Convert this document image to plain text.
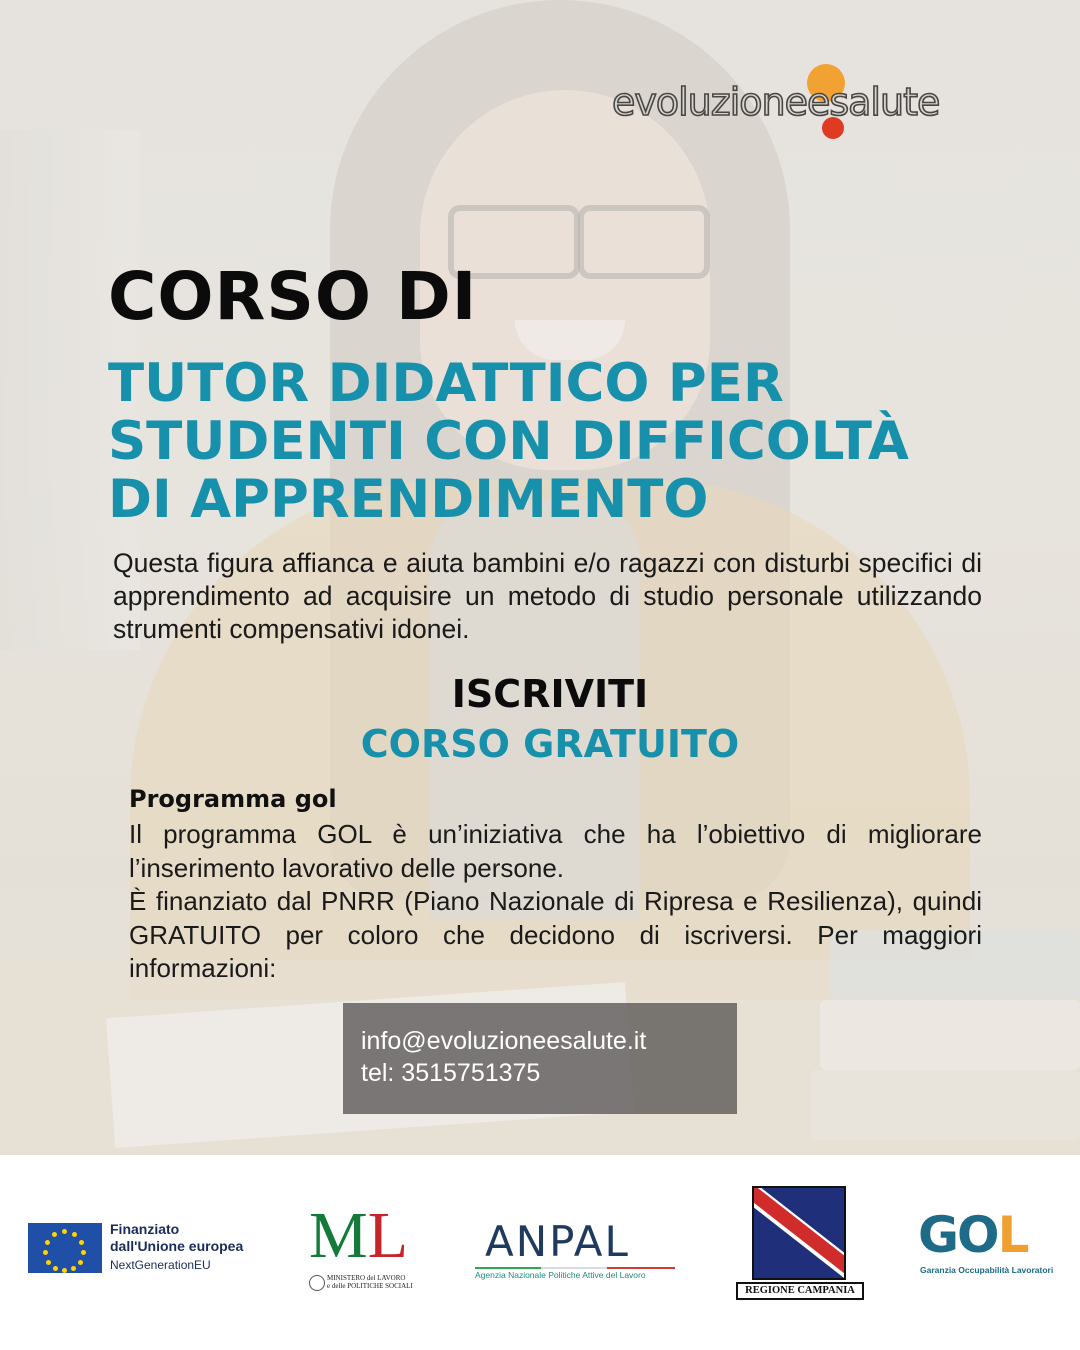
evoluzioneesalute
CORSO DI
TUTOR DIDATTICO PER
STUDENTI CON DIFFICOLTÀ
DI APPRENDIMENTO
Questa figura affianca e aiuta bambini e/o ragazzi con disturbi specifici di apprendimento ad acquisire un metodo di studio personale utilizzando strumenti compensativi idonei.
ISCRIVITI
CORSO GRATUITO
Programma gol

Il programma GOL è un’iniziativa che ha l’obiettivo di migliorare l’inserimento lavorativo delle persone.

È finanziato dal PNRR (Piano Nazionale di Ripresa e Resilienza), quindi GRATUITO per coloro che decidono di iscriversi. Per maggiori informazioni:

info@evoluzioneesalute.it
tel: 3515751375
Finanziato
dall'Unione europea
NextGenerationEU ML
MINISTERO del LAVORO
e delle POLITICHE SOCIALI
ANPAL
Agenzia Nazionale Politiche Attive del Lavoro
REGIONE CAMPANIA
GOL
Garanzia Occupabilità Lavoratori
